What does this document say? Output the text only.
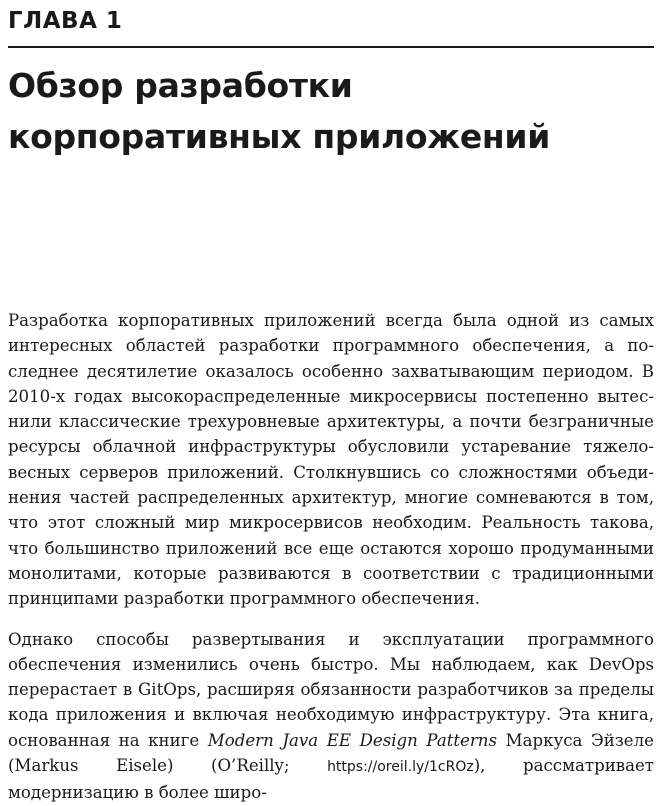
ГЛАВА 1
Обзор разработки корпоративных приложений

Разработка корпоративных приложений всегда была одной из самых интересных областей разработки программного обеспечения, а последнее десятилетие оказалось особенно захватывающим периодом. В 2010-х годах высокораспределенные микросервисы постепенно вытеснили классические трехуровневые архитектуры, а почти безграничные ресурсы облачной инфраструктуры обусловили устаревание тяжеловесных серверов приложений. Столкнувшись со сложностями объединения частей распределенных архитектур, многие сомневаются в том, что этот сложный мир микросервисов необходим. Реальность такова, что большинство приложений все еще остаются хорошо продуманными монолитами, которые развиваются в соответствии с традиционными принципами разработки программного обеспечения.

Однако способы развертывания и эксплуатации программного обеспечения изменились очень быстро. Мы наблюдаем, как DevOps перерастает в GitOps, расширяя обязанности разработчиков за пределы кода приложения и включая необходимую инфраструктуру. Эта книга, основанная на книге Modern Java EE Design Patterns Маркуса Эйзеле (Markus Eisele) (O’Reilly; https://oreil.ly/1cROz), рассматривает модернизацию в более широ-
